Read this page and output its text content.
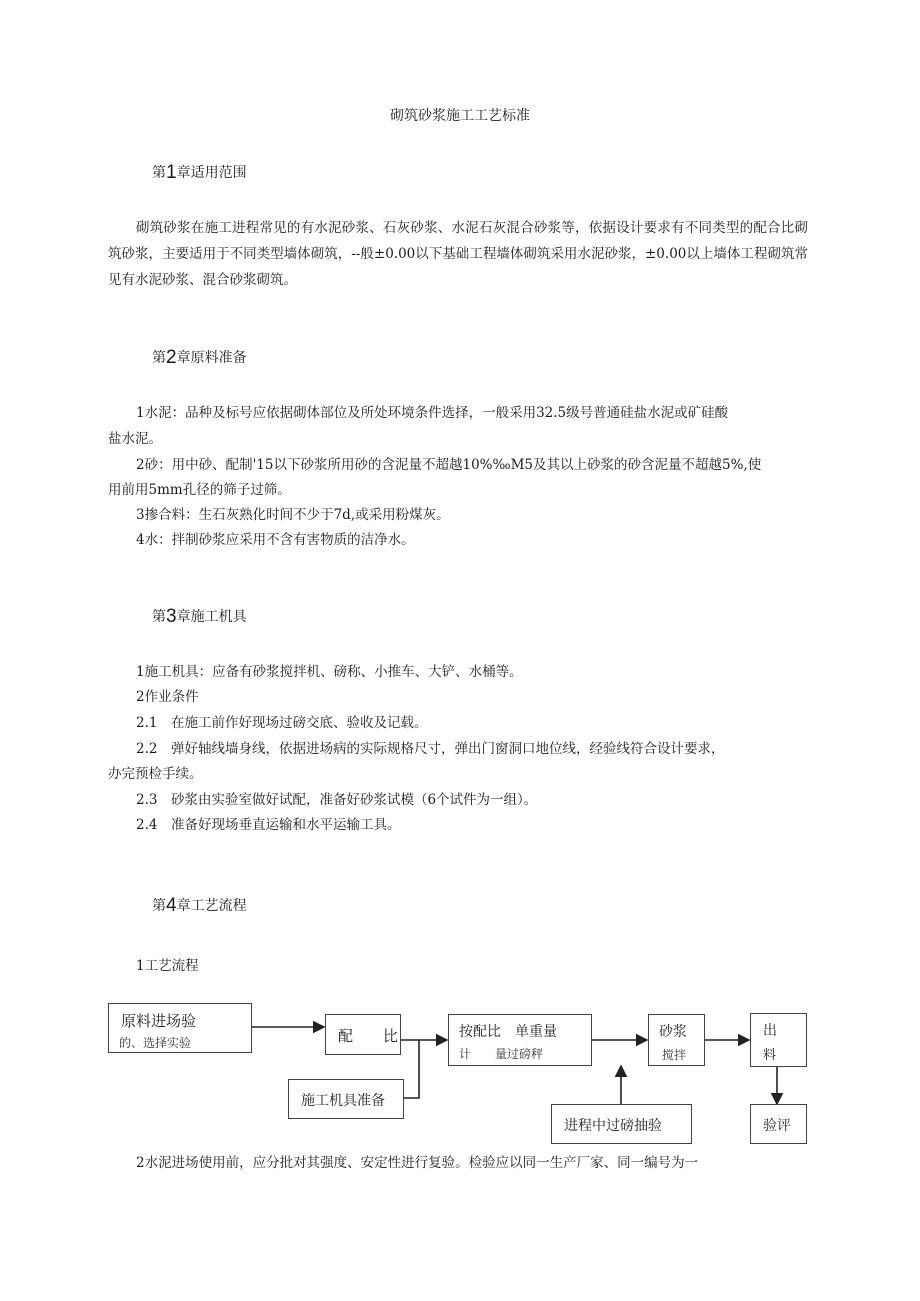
砌筑砂浆施工工艺标准
第1章适用范围
砌筑砂浆在施工进程常见的有水泥砂浆、石灰砂浆、水泥石灰混合砂浆等，依据设计要求有不同类型的配合比砌筑砂浆，主要适用于不同类型墙体砌筑，--般±0.00以下基础工程墙体砌筑采用水泥砂浆，±0.00以上墙体工程砌筑常见有水泥砂浆、混合砂浆砌筑。
第2章原料准备
1水泥：品种及标号应依据砌体部位及所处环境条件选择，一般采用32.5级号普通硅盐水泥或矿硅酸
盐水泥。
2砂：用中砂、配制'15以下砂浆所用砂的含泥量不超越10%‰M5及其以上砂浆的砂含泥量不超越5%,使
用前用5mm孔径的筛子过筛。
3掺合料：生石灰熟化时间不少于7d,或采用粉煤灰。
4水：拌制砂浆应采用不含有害物质的洁净水。
第3章施工机具
1施工机具：应备有砂浆搅拌机、磅称、小推车、大铲、水桶等。
2作业条件
2.1　在施工前作好现场过磅交底、验收及记载。
2.2　弹好轴线墙身线，依据进场病的实际规格尺寸，弹出门窗洞口地位线，经验线符合设计要求，
办完预检手续。
2.3　砂浆由实验室做好试配，准备好砂浆试模（6个试件为一组）。
2.4　准备好现场垂直运输和水平运输工具。
第4章工艺流程
1工艺流程
原料进场验
的、选择实验	配　　比	按配比　单重量
计　　量过磅秤
砂浆
搅拌
出
料
施工机具准备
进程中过磅抽验	验评
2水泥进场使用前，应分批对其强度、安定性进行复验。检验应以同一生产厂家、同一编号为一
